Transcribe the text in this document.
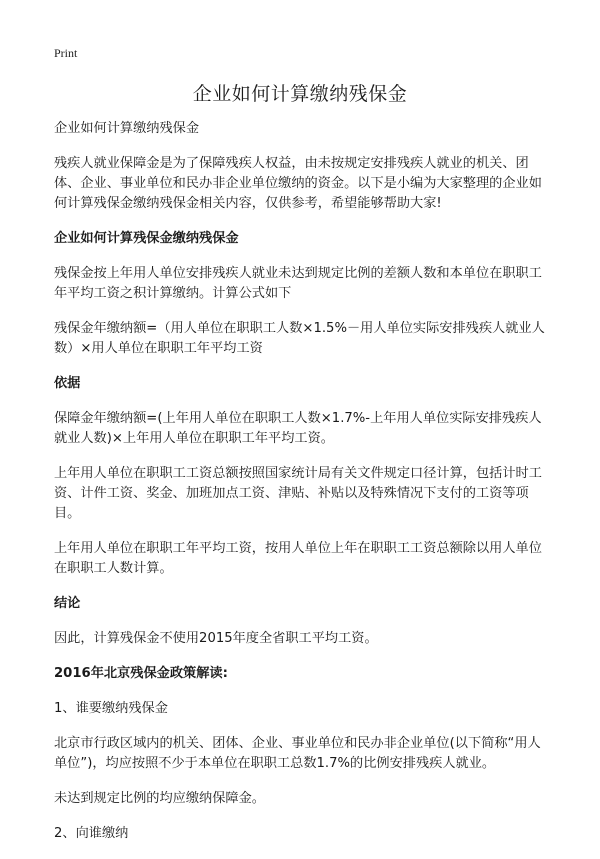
Print
企业如何计算缴纳残保金

企业如何计算缴纳残保金

残疾人就业保障金是为了保障残疾人权益，由未按规定安排残疾人就业的机关、团体、企业、事业单位和民办非企业单位缴纳的资金。以下是小编为大家整理的企业如何计算残保金缴纳残保金相关内容，仅供参考，希望能够帮助大家!

企业如何计算残保金缴纳残保金

残保金按上年用人单位安排残疾人就业未达到规定比例的差额人数和本单位在职职工年平均工资之积计算缴纳。计算公式如下

残保金年缴纳额=（用人单位在职职工人数×1.5%－用人单位实际安排残疾人就业人数）×用人单位在职职工年平均工资

依据

保障金年缴纳额=(上年用人单位在职职工人数×1.7%-上年用人单位实际安排残疾人就业人数)×上年用人单位在职职工年平均工资。

上年用人单位在职职工工资总额按照国家统计局有关文件规定口径计算，包括计时工资、计件工资、奖金、加班加点工资、津贴、补贴以及特殊情况下支付的工资等项目。

上年用人单位在职职工年平均工资，按用人单位上年在职职工工资总额除以用人单位在职职工人数计算。

结论

因此，计算残保金不使用2015年度全省职工平均工资。

2016年北京残保金政策解读:

1、谁要缴纳残保金

北京市行政区域内的机关、团体、企业、事业单位和民办非企业单位(以下简称“用人单位”)，均应按照不少于本单位在职职工总数1.7%的比例安排残疾人就业。

未达到规定比例的均应缴纳保障金。

2、向谁缴纳
